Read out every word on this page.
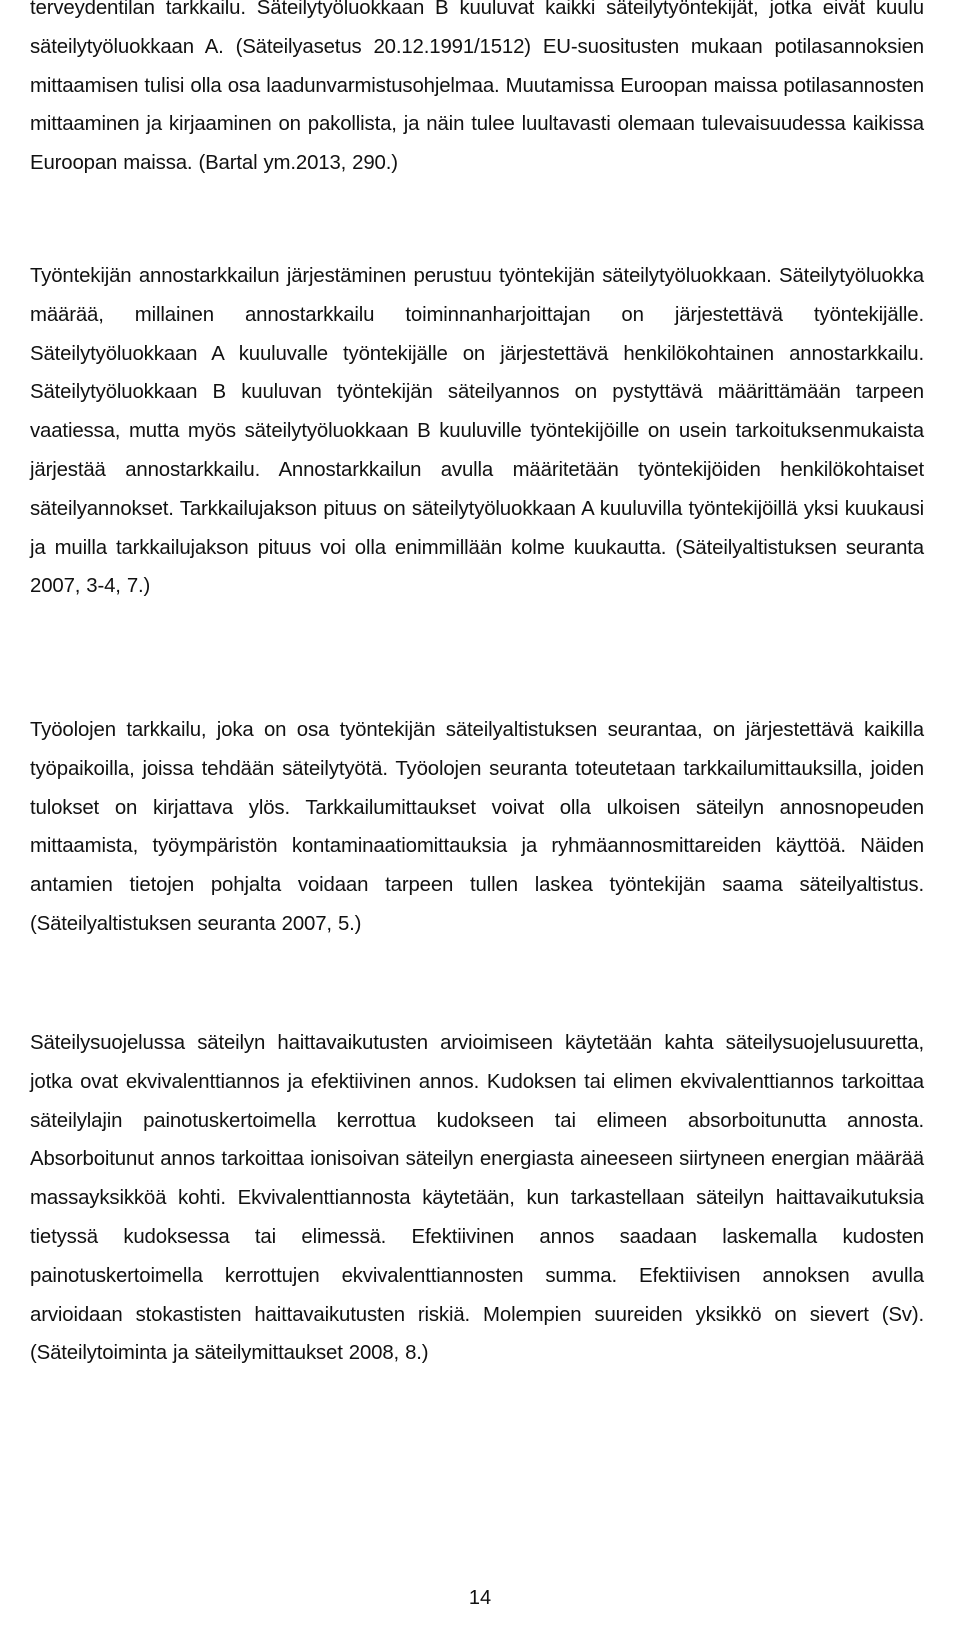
terveydentilan tarkkailu. Säteilytyöluokkaan B kuuluvat kaikki säteilytyöntekijät, jotka eivät kuulu säteilytyöluokkaan A. (Säteilyasetus 20.12.1991/1512) EU-suositusten mukaan potilasannoksien mittaamisen tulisi olla osa laadunvarmistusohjelmaa. Muutamissa Euroopan maissa potilasannosten mittaaminen ja kirjaaminen on pakollista, ja näin tulee luultavasti olemaan tulevaisuudessa kaikissa Euroopan maissa. (Bartal ym.2013, 290.)

Työntekijän annostarkkailun järjestäminen perustuu työntekijän säteilytyöluokkaan. Säteilytyöluokka määrää, millainen annostarkkailu toiminnanharjoittajan on järjestettävä työntekijälle. Säteilytyöluokkaan A kuuluvalle työntekijälle on järjestettävä henkilökohtainen annostarkkailu. Säteilytyöluokkaan B kuuluvan työntekijän säteilyannos on pystyttävä määrittämään tarpeen vaatiessa, mutta myös säteilytyöluokkaan B kuuluville työntekijöille on usein tarkoituksenmukaista järjestää annostarkkailu. Annostarkkailun avulla määritetään työntekijöiden henkilökohtaiset säteilyannokset. Tarkkailujakson pituus on säteilytyöluokkaan A kuuluvilla työntekijöillä yksi kuukausi ja muilla tarkkailujakson pituus voi olla enimmillään kolme kuukautta. (Säteilyaltistuksen seuranta 2007, 3-4, 7.)

Työolojen tarkkailu, joka on osa työntekijän säteilyaltistuksen seurantaa, on järjestettävä kaikilla työpaikoilla, joissa tehdään säteilytyötä. Työolojen seuranta toteutetaan tarkkailumittauksilla, joiden tulokset on kirjattava ylös. Tarkkailumittaukset voivat olla ulkoisen säteilyn annosnopeuden mittaamista, työympäristön kontaminaatiomittauksia ja ryhmäannosmittareiden käyttöä. Näiden antamien tietojen pohjalta voidaan tarpeen tullen laskea työntekijän saama säteilyaltistus. (Säteilyaltistuksen seuranta 2007, 5.)

Säteilysuojelussa säteilyn haittavaikutusten arvioimiseen käytetään kahta säteilysuojelusuuretta, jotka ovat ekvivalenttiannos ja efektiivinen annos. Kudoksen tai elimen ekvivalenttiannos tarkoittaa säteilylajin painotuskertoimella kerrottua kudokseen tai elimeen absorboitunutta annosta. Absorboitunut annos tarkoittaa ionisoivan säteilyn energiasta aineeseen siirtyneen energian määrää massayksikköä kohti. Ekvivalenttiannosta käytetään, kun tarkastellaan säteilyn haittavaikutuksia tietyssä kudoksessa tai elimessä. Efektiivinen annos saadaan laskemalla kudosten painotuskertoimella kerrottujen ekvivalenttiannosten summa. Efektiivisen annoksen avulla arvioidaan stokastisten haittavaikutusten riskiä. Molempien suureiden yksikkö on sievert (Sv). (Säteilytoiminta ja säteilymittaukset 2008, 8.)

14
